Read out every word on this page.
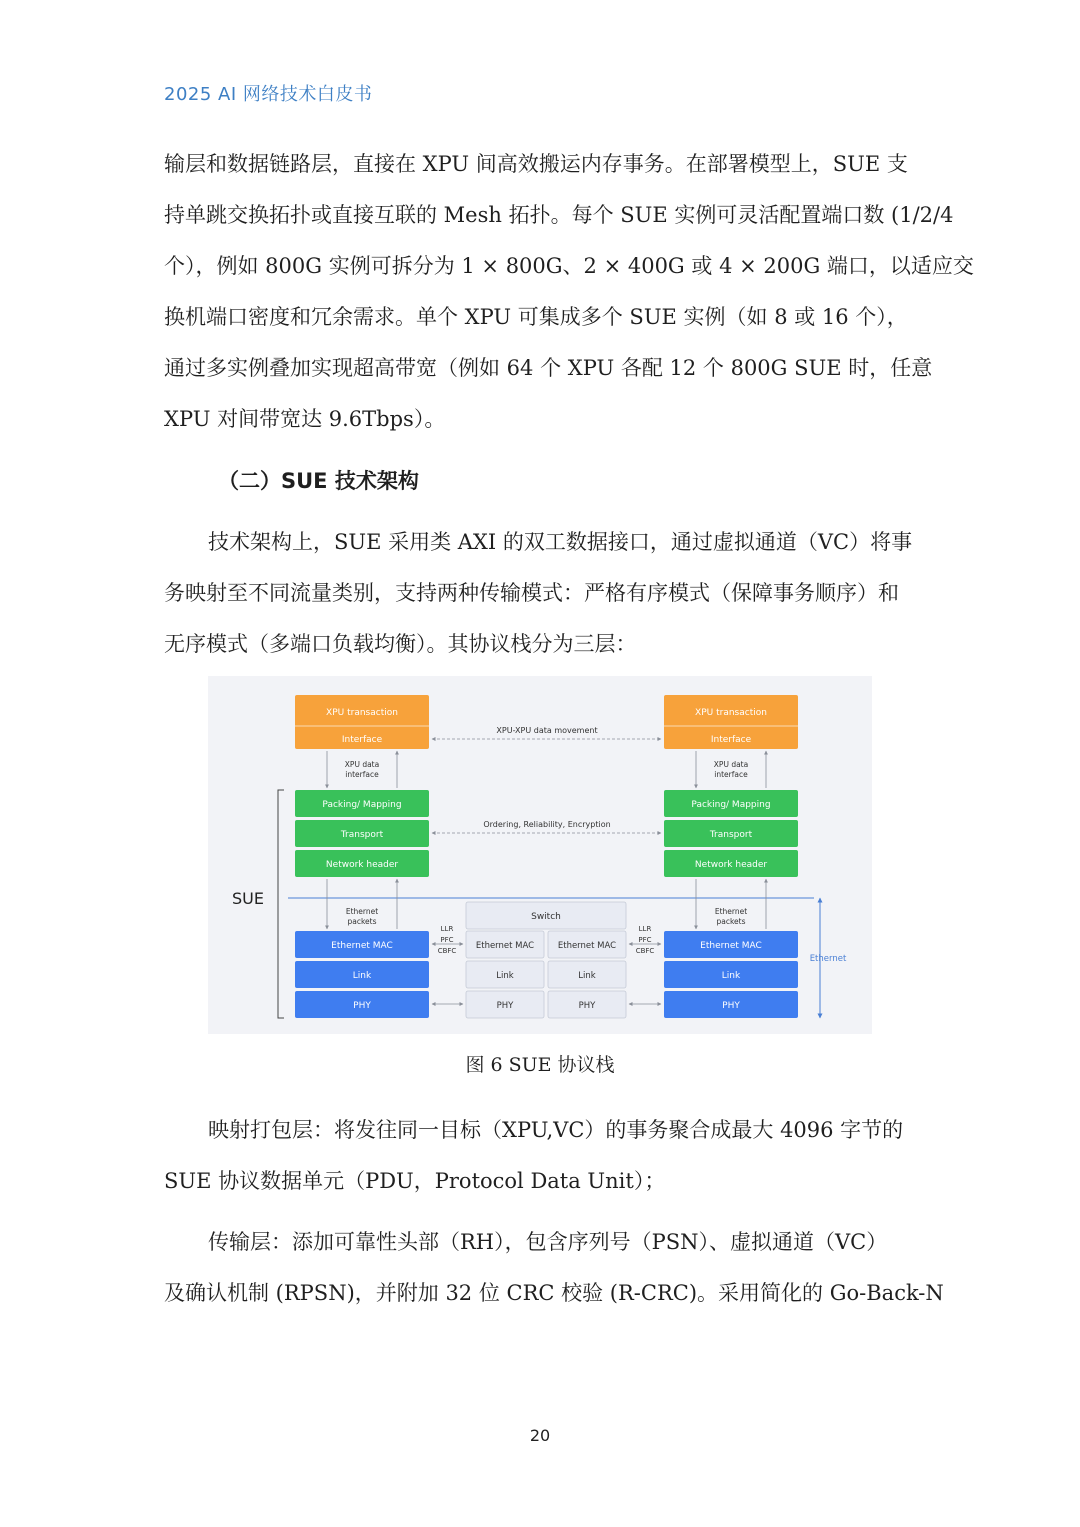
2025 AI 网络技术白皮书
输层和数据链路层，直接在 XPU 间高效搬运内存事务。在部署模型上，SUE 支
持单跳交换拓扑或直接互联的 Mesh 拓扑。每个 SUE 实例可灵活配置端口数 (1/2/4
个），例如 800G 实例可拆分为 1 × 800G、2 × 400G 或 4 × 200G 端口，以适应交
换机端口密度和冗余需求。单个 XPU 可集成多个 SUE 实例（如 8 或 16 个），
通过多实例叠加实现超高带宽（例如 64 个 XPU 各配 12 个 800G SUE 时，任意
XPU 对间带宽达 9.6Tbps）。
（二）SUE 技术架构
技术架构上，SUE 采用类 AXI 的双工数据接口，通过虚拟通道（VC）将事
务映射至不同流量类别，支持两种传输模式：严格有序模式（保障事务顺序）和
无序模式（多端口负载均衡）。其协议栈分为三层：
XPU transaction
Interface
XPU transaction
Interface
XPU-XPU data movement
XPU data
interface
XPU data
interface
Packing/ Mapping
Transport
Network header
Packing/ Mapping
Transport
Network header
Ordering, Reliability, Encryption
SUE
Ethernet
packets
Ethernet
packets
Ethernet MAC
Link
PHY
Ethernet MAC
Link
PHY
Switch
Ethernet MAC	Ethernet MAC
Link	Link
PHY	PHY
LLR
PFC
CBFC
LLR
PFC
CBFC
Ethernet
图 6 SUE 协议栈
映射打包层：将发往同一目标（XPU,VC）的事务聚合成最大 4096 字节的
SUE 协议数据单元（PDU，Protocol Data Unit）；
传输层：添加可靠性头部（RH），包含序列号（PSN）、虚拟通道（VC）
及确认机制 (RPSN)，并附加 32 位 CRC 校验 (R-CRC)。采用简化的 Go-Back-N
20
